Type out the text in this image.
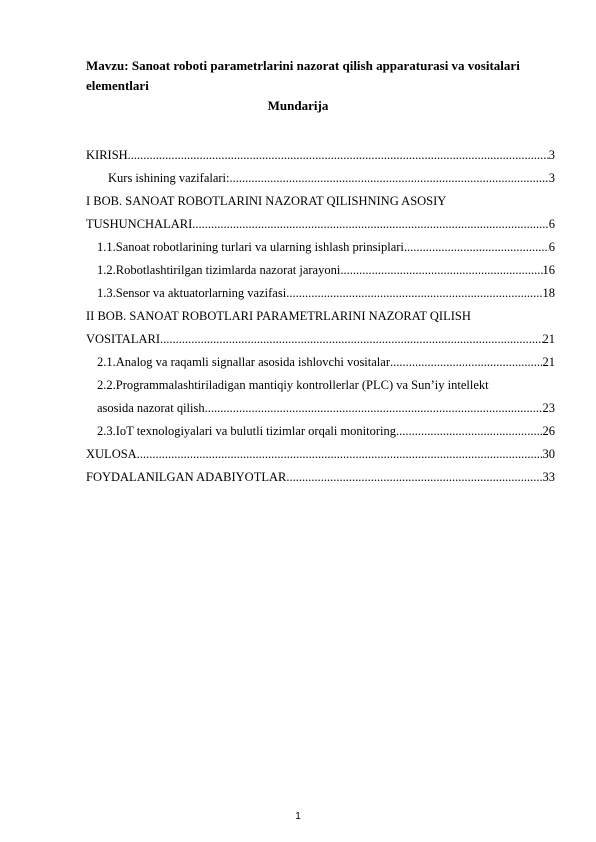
Mavzu: Sanoat roboti parametrlarini nazorat qilish apparaturasi va vositalari elementlari
Mundarija
KIRISH .....	3
Kurs ishining vazifalari: .....	3
I BOB. SANOAT ROBOTLARINI NAZORAT QILISHNING ASOSIY
TUSHUNCHALARI .....	6
1.1.Sanoat robotlarining turlari va ularning ishlash prinsiplari .....	6
1.2.Robotlashtirilgan tizimlarda nazorat jarayoni .....	16
1.3.Sensor va aktuatorlarning vazifasi .....	18
II BOB. SANOAT ROBOTLARI PARAMETRLARINI NAZORAT QILISH
VOSITALARI .....	21
2.1.Analog va raqamli signallar asosida ishlovchi vositalar .....	21
2.2.Programmalashtiriladigan mantiqiy kontrollerlar (PLC) va Sun’iy intellekt
asosida nazorat qilish .....	23
2.3.IoT texnologiyalari va bulutli tizimlar orqali monitoring .....	26
XULOSA .....	30
FOYDALANILGAN ADABIYOTLAR .....	33
1
